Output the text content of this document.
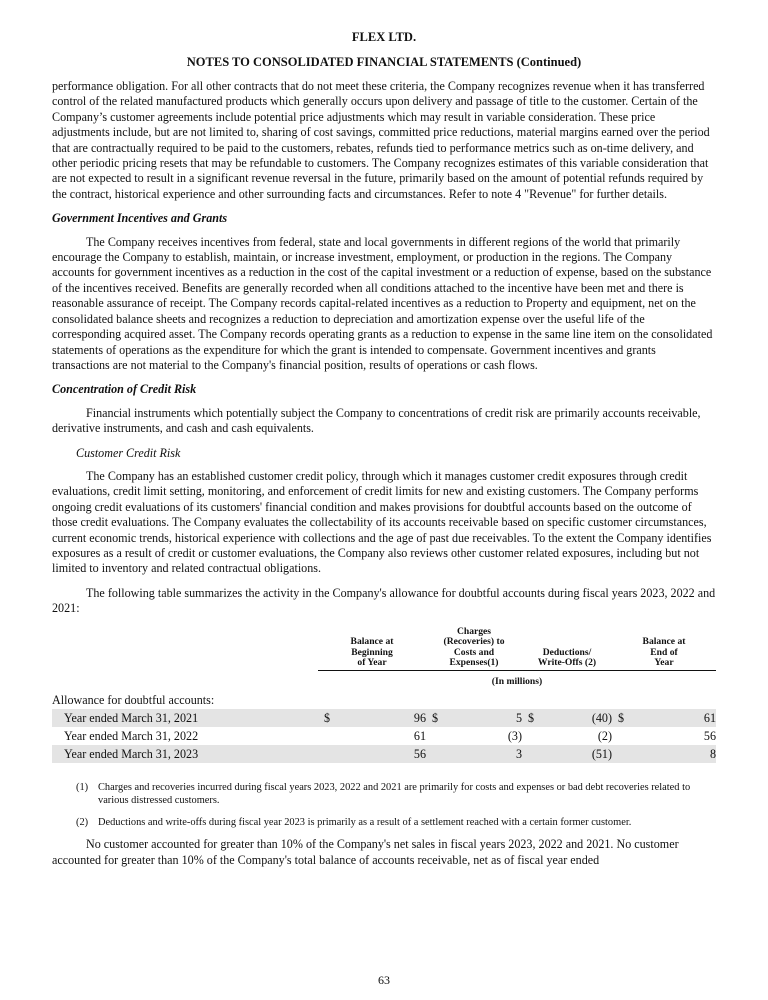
FLEX LTD.
NOTES TO CONSOLIDATED FINANCIAL STATEMENTS (Continued)

performance obligation. For all other contracts that do not meet these criteria, the Company recognizes revenue when it has transferred control of the related manufactured products which generally occurs upon delivery and passage of title to the customer. Certain of the Company’s customer agreements include potential price adjustments which may result in variable consideration. These price adjustments include, but are not limited to, sharing of cost savings, committed price reductions, material margins earned over the period that are contractually required to be paid to the customers, rebates, refunds tied to performance metrics such as on-time delivery, and other periodic pricing resets that may be refundable to customers. The Company recognizes estimates of this variable consideration that are not expected to result in a significant revenue reversal in the future, primarily based on the amount of potential refunds required by the contract, historical experience and other surrounding facts and circumstances. Refer to note 4 "Revenue" for further details.

Government Incentives and Grants

The Company receives incentives from federal, state and local governments in different regions of the world that primarily encourage the Company to establish, maintain, or increase investment, employment, or production in the regions. The Company accounts for government incentives as a reduction in the cost of the capital investment or a reduction of expense, based on the substance of the incentives received. Benefits are generally recorded when all conditions attached to the incentive have been met and there is reasonable assurance of receipt. The Company records capital-related incentives as a reduction to Property and equipment, net on the consolidated balance sheets and recognizes a reduction to depreciation and amortization expense over the useful life of the corresponding acquired asset. The Company records operating grants as a reduction to expense in the same line item on the consolidated statements of operations as the expenditure for which the grant is intended to compensate. Government incentives and grants transactions are not material to the Company's financial position, results of operations or cash flows.

Concentration of Credit Risk

Financial instruments which potentially subject the Company to concentrations of credit risk are primarily accounts receivable, derivative instruments, and cash and cash equivalents.

Customer Credit Risk

The Company has an established customer credit policy, through which it manages customer credit exposures through credit evaluations, credit limit setting, monitoring, and enforcement of credit limits for new and existing customers. The Company performs ongoing credit evaluations of its customers' financial condition and makes provisions for doubtful accounts based on the outcome of those credit evaluations. The Company evaluates the collectability of its accounts receivable based on specific customer circumstances, current economic trends, historical experience with collections and the age of past due receivables. To the extent the Company identifies exposures as a result of credit or customer evaluations, the Company also reviews other customer related exposures, including but not limited to inventory and related contractual obligations.

The following table summarizes the activity in the Company's allowance for doubtful accounts during fiscal years 2023, 2022 and 2021:

	Balance at
Beginning
of Year		Charges
(Recoveries) to
Costs and
Expenses(1)		Deductions/
Write-Offs (2)		Balance at
End of
Year	

	(In millions)							
Allowance for doubtful accounts:								
Year ended March 31, 2021	$	96	$	5	$	(40)	$	61
Year ended March 31, 2022		61		(3)		(2)		56
Year ended March 31, 2023		56		3		(51)		8
(1) Charges and recoveries incurred during fiscal years 2023, 2022 and 2021 are primarily for costs and expenses or bad debt recoveries related to various distressed customers.
(2) Deductions and write-offs during fiscal year 2023 is primarily as a result of a settlement reached with a certain former customer.

No customer accounted for greater than 10% of the Company's net sales in fiscal years 2023, 2022 and 2021. No customer accounted for greater than 10% of the Company's total balance of accounts receivable, net as of fiscal year ended

63
